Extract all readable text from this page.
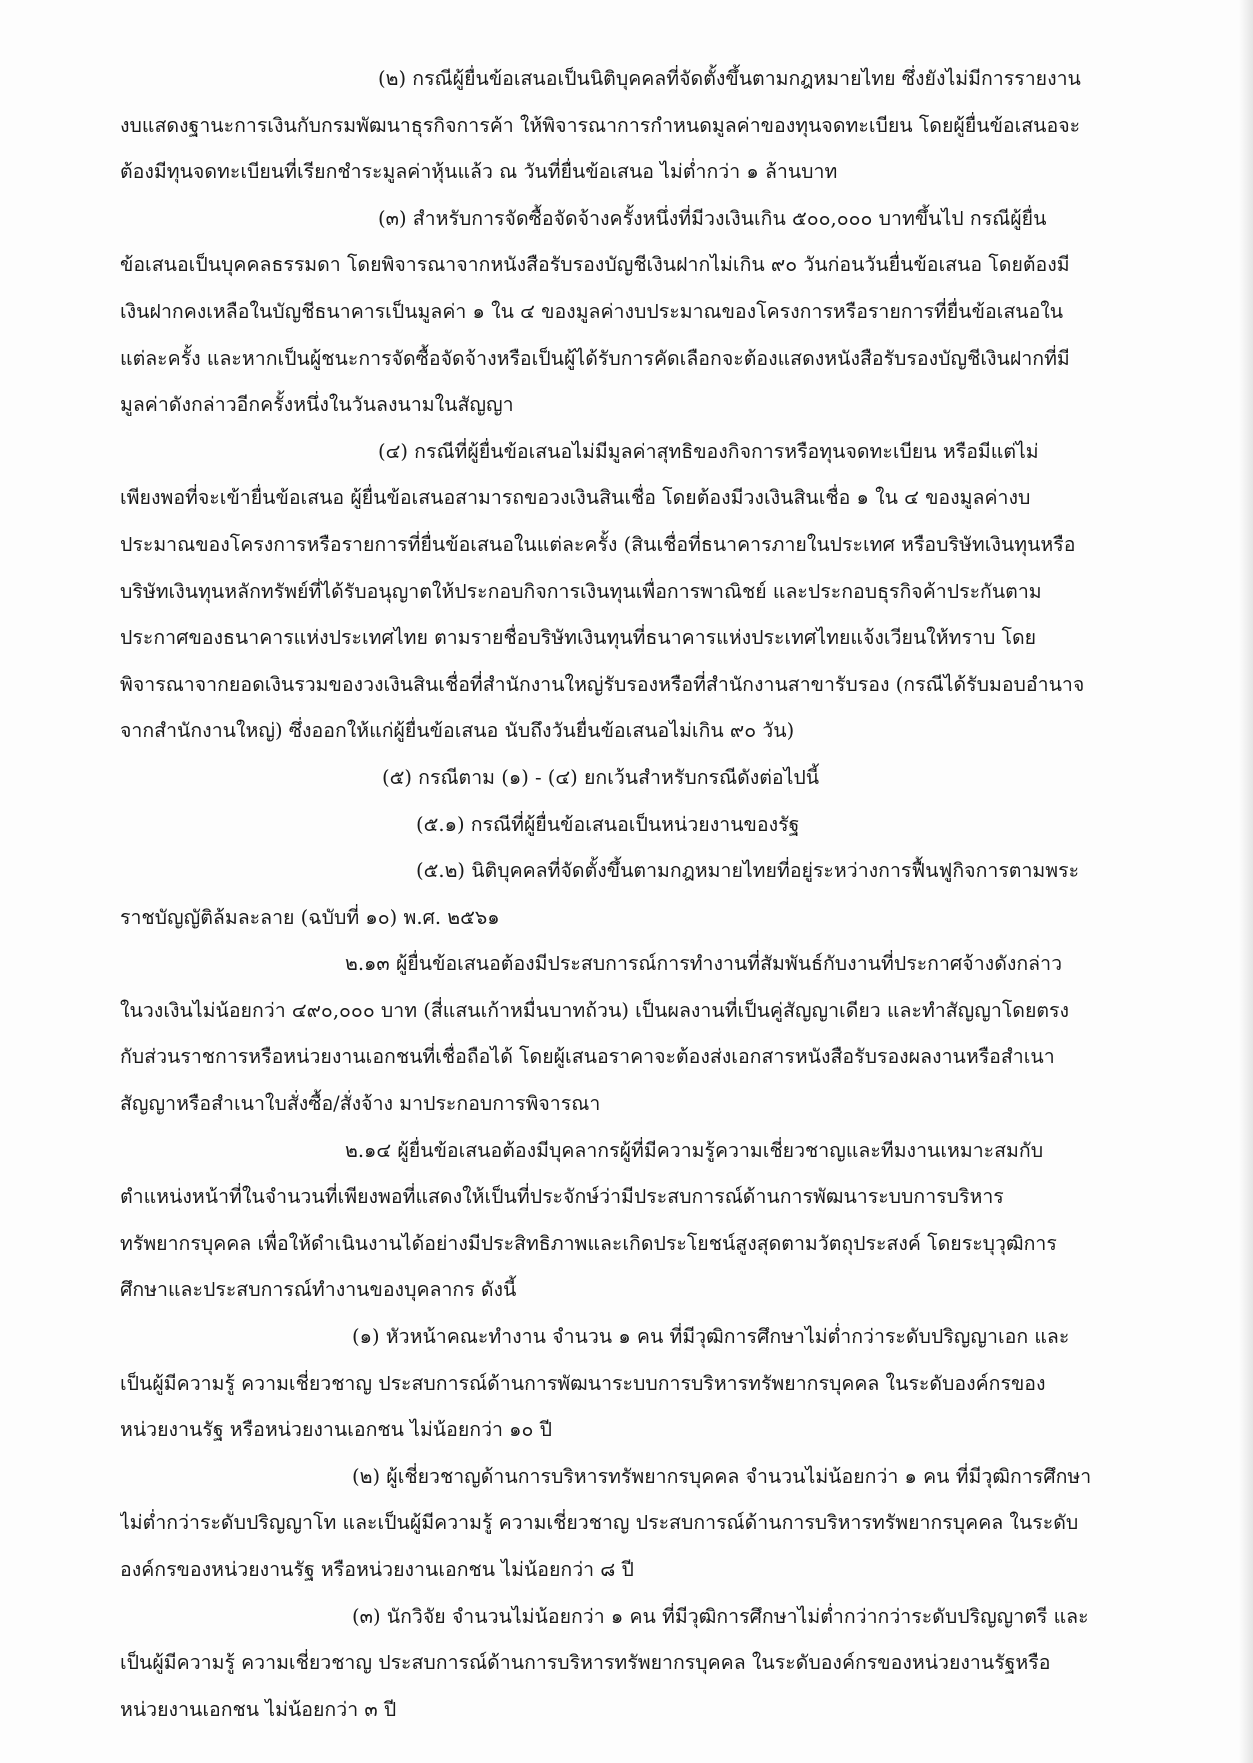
(๒) กรณีผู้ยื่นข้อเสนอเป็นนิติบุคคลที่จัดตั้งขึ้นตามกฎหมายไทย ซึ่งยังไม่มีการรายงาน
งบแสดงฐานะการเงินกับกรมพัฒนาธุรกิจการค้า ให้พิจารณาการกำหนดมูลค่าของทุนจดทะเบียน โดยผู้ยื่นข้อเสนอจะ
ต้องมีทุนจดทะเบียนที่เรียกชำระมูลค่าหุ้นแล้ว ณ วันที่ยื่นข้อเสนอ ไม่ต่ำกว่า ๑ ล้านบาท

(๓) สำหรับการจัดซื้อจัดจ้างครั้งหนึ่งที่มีวงเงินเกิน ๕๐๐,๐๐๐ บาทขึ้นไป กรณีผู้ยื่น
ข้อเสนอเป็นบุคคลธรรมดา โดยพิจารณาจากหนังสือรับรองบัญชีเงินฝากไม่เกิน ๙๐ วันก่อนวันยื่นข้อเสนอ โดยต้องมี
เงินฝากคงเหลือในบัญชีธนาคารเป็นมูลค่า ๑ ใน ๔ ของมูลค่างบประมาณของโครงการหรือรายการที่ยื่นข้อเสนอใน
แต่ละครั้ง และหากเป็นผู้ชนะการจัดซื้อจัดจ้างหรือเป็นผู้ได้รับการคัดเลือกจะต้องแสดงหนังสือรับรองบัญชีเงินฝากที่มี
มูลค่าดังกล่าวอีกครั้งหนึ่งในวันลงนามในสัญญา

(๔) กรณีที่ผู้ยื่นข้อเสนอไม่มีมูลค่าสุทธิของกิจการหรือทุนจดทะเบียน หรือมีแต่ไม่
เพียงพอที่จะเข้ายื่นข้อเสนอ ผู้ยื่นข้อเสนอสามารถขอวงเงินสินเชื่อ โดยต้องมีวงเงินสินเชื่อ ๑ ใน ๔ ของมูลค่างบ
ประมาณของโครงการหรือรายการที่ยื่นข้อเสนอในแต่ละครั้ง (สินเชื่อที่ธนาคารภายในประเทศ หรือบริษัทเงินทุนหรือ
บริษัทเงินทุนหลักทรัพย์ที่ได้รับอนุญาตให้ประกอบกิจการเงินทุนเพื่อการพาณิชย์ และประกอบธุรกิจค้าประกันตาม
ประกาศของธนาคารแห่งประเทศไทย ตามรายชื่อบริษัทเงินทุนที่ธนาคารแห่งประเทศไทยแจ้งเวียนให้ทราบ โดย
พิจารณาจากยอดเงินรวมของวงเงินสินเชื่อที่สำนักงานใหญ่รับรองหรือที่สำนักงานสาขารับรอง (กรณีได้รับมอบอำนาจ
จากสำนักงานใหญ่) ซึ่งออกให้แก่ผู้ยื่นข้อเสนอ นับถึงวันยื่นข้อเสนอไม่เกิน ๙๐ วัน)

(๕) กรณีตาม (๑) - (๔) ยกเว้นสำหรับกรณีดังต่อไปนี้

(๕.๑) กรณีที่ผู้ยื่นข้อเสนอเป็นหน่วยงานของรัฐ

(๕.๒) นิติบุคคลที่จัดตั้งขึ้นตามกฎหมายไทยที่อยู่ระหว่างการฟื้นฟูกิจการตามพระ
ราชบัญญัติล้มละลาย (ฉบับที่ ๑๐) พ.ศ. ๒๕๖๑

๒.๑๓ ผู้ยื่นข้อเสนอต้องมีประสบการณ์การทำงานที่สัมพันธ์กับงานที่ประกาศจ้างดังกล่าว
ในวงเงินไม่น้อยกว่า ๔๙๐,๐๐๐ บาท (สี่แสนเก้าหมื่นบาทถ้วน) เป็นผลงานที่เป็นคู่สัญญาเดียว และทำสัญญาโดยตรง
กับส่วนราชการหรือหน่วยงานเอกชนที่เชื่อถือได้ โดยผู้เสนอราคาจะต้องส่งเอกสารหนังสือรับรองผลงานหรือสำเนา
สัญญาหรือสำเนาใบสั่งซื้อ/สั่งจ้าง มาประกอบการพิจารณา

๒.๑๔ ผู้ยื่นข้อเสนอต้องมีบุคลากรผู้ที่มีความรู้ความเชี่ยวชาญและทีมงานเหมาะสมกับ
ตำแหน่งหน้าที่ในจำนวนที่เพียงพอที่แสดงให้เป็นที่ประจักษ์ว่ามีประสบการณ์ด้านการพัฒนาระบบการบริหาร
ทรัพยากรบุคคล เพื่อให้ดำเนินงานได้อย่างมีประสิทธิภาพและเกิดประโยชน์สูงสุดตามวัตถุประสงค์ โดยระบุวุฒิการ
ศึกษาและประสบการณ์ทำงานของบุคลากร ดังนี้

(๑) หัวหน้าคณะทำงาน จำนวน ๑ คน ที่มีวุฒิการศึกษาไม่ต่ำกว่าระดับปริญญาเอก และ
เป็นผู้มีความรู้ ความเชี่ยวชาญ ประสบการณ์ด้านการพัฒนาระบบการบริหารทรัพยากรบุคคล ในระดับองค์กรของ
หน่วยงานรัฐ หรือหน่วยงานเอกชน ไม่น้อยกว่า ๑๐ ปี

(๒) ผู้เชี่ยวชาญด้านการบริหารทรัพยากรบุคคล จำนวนไม่น้อยกว่า ๑ คน ที่มีวุฒิการศึกษา
ไม่ต่ำกว่าระดับปริญญาโท และเป็นผู้มีความรู้ ความเชี่ยวชาญ ประสบการณ์ด้านการบริหารทรัพยากรบุคคล ในระดับ
องค์กรของหน่วยงานรัฐ หรือหน่วยงานเอกชน ไม่น้อยกว่า ๘ ปี

(๓) นักวิจัย จำนวนไม่น้อยกว่า ๑ คน ที่มีวุฒิการศึกษาไม่ต่ำกว่ากว่าระดับปริญญาตรี และ
เป็นผู้มีความรู้ ความเชี่ยวชาญ ประสบการณ์ด้านการบริหารทรัพยากรบุคคล ในระดับองค์กรของหน่วยงานรัฐหรือ
หน่วยงานเอกชน ไม่น้อยกว่า ๓ ปี
